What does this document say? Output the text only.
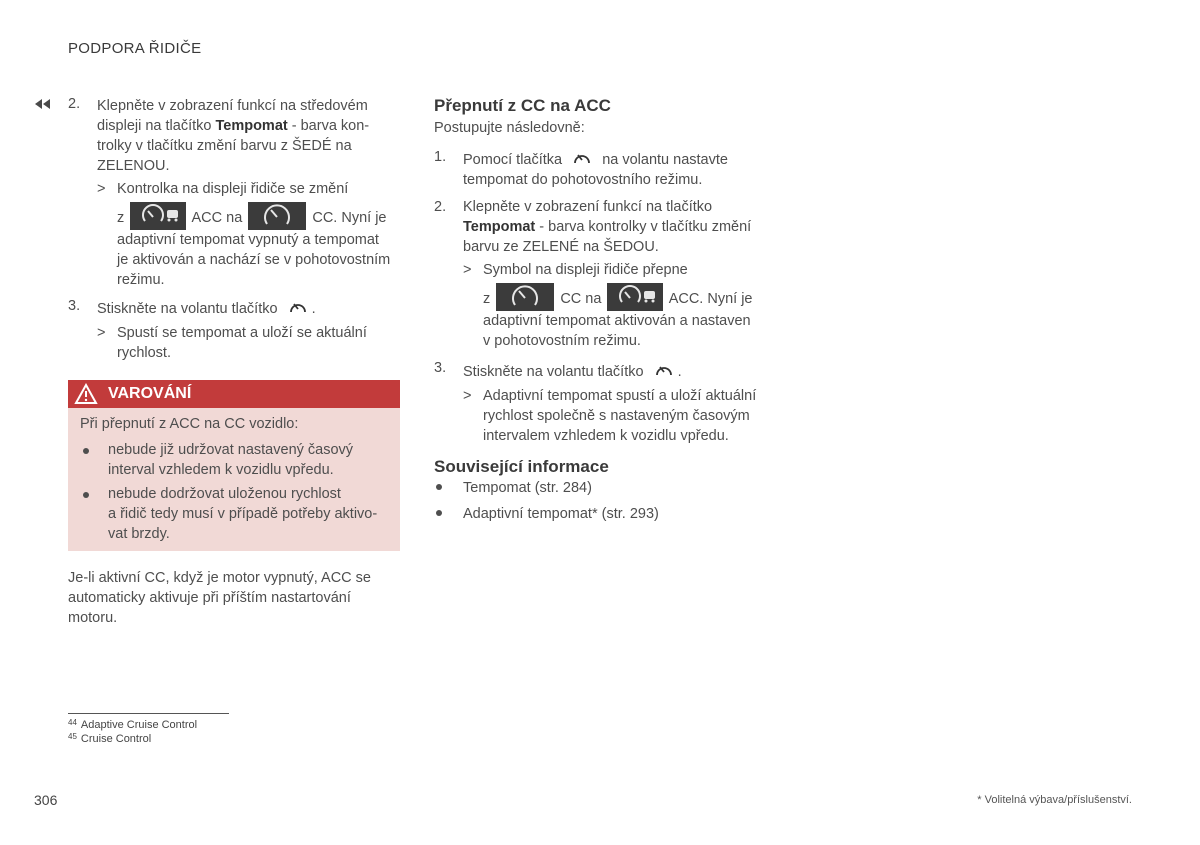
PODPORA ŘIDIČE
2. Klepněte v zobrazení funkcí na středovém
displeji na tlačítko Tempomat - barva kon-
trolky v tlačítku změní barvu z ŠEDÉ na
ZELENOU.
> Kontrolka na displeji řidiče se změní
z	ACC na	CC. Nyní je
adaptivní tempomat vypnutý a tempomat
je aktivován a nachází se v pohotovostním
režimu.
3. Stiskněte na volantu tlačítko .
> Spustí se tempomat a uloží se aktuální
rychlost.
VAROVÁNÍ
Při přepnutí z ACC na CC vozidlo:
nebude již udržovat nastavený časový
interval vzhledem k vozidlu vpředu.
nebude dodržovat uloženou rychlost
a řidič tedy musí v případě potřeby aktivo-
vat brzdy.
Je-li aktivní CC, když je motor vypnutý, ACC se
automaticky aktivuje při příštím nastartování
motoru.
Přepnutí z CC na ACC
Postupujte následovně:
1. Pomocí tlačítka	na volantu nastavte
tempomat do pohotovostního režimu.
2. Klepněte v zobrazení funkcí na tlačítko
Tempomat - barva kontrolky v tlačítku změní
barvu ze ZELENÉ na ŠEDOU.
> Symbol na displeji řidiče přepne
z	CC na	ACC. Nyní je
adaptivní tempomat aktivován a nastaven
v pohotovostním režimu.
3. Stiskněte na volantu tlačítko .
> Adaptivní tempomat spustí a uloží aktuální
rychlost společně s nastaveným časovým
intervalem vzhledem k vozidlu vpředu.
Související informace
Tempomat (str. 284)
Adaptivní tempomat* (str. 293)
$^{44}$ Adaptive Cruise Control
$^{45}$ Cruise Control
306	* Volitelná výbava/příslušenství.
